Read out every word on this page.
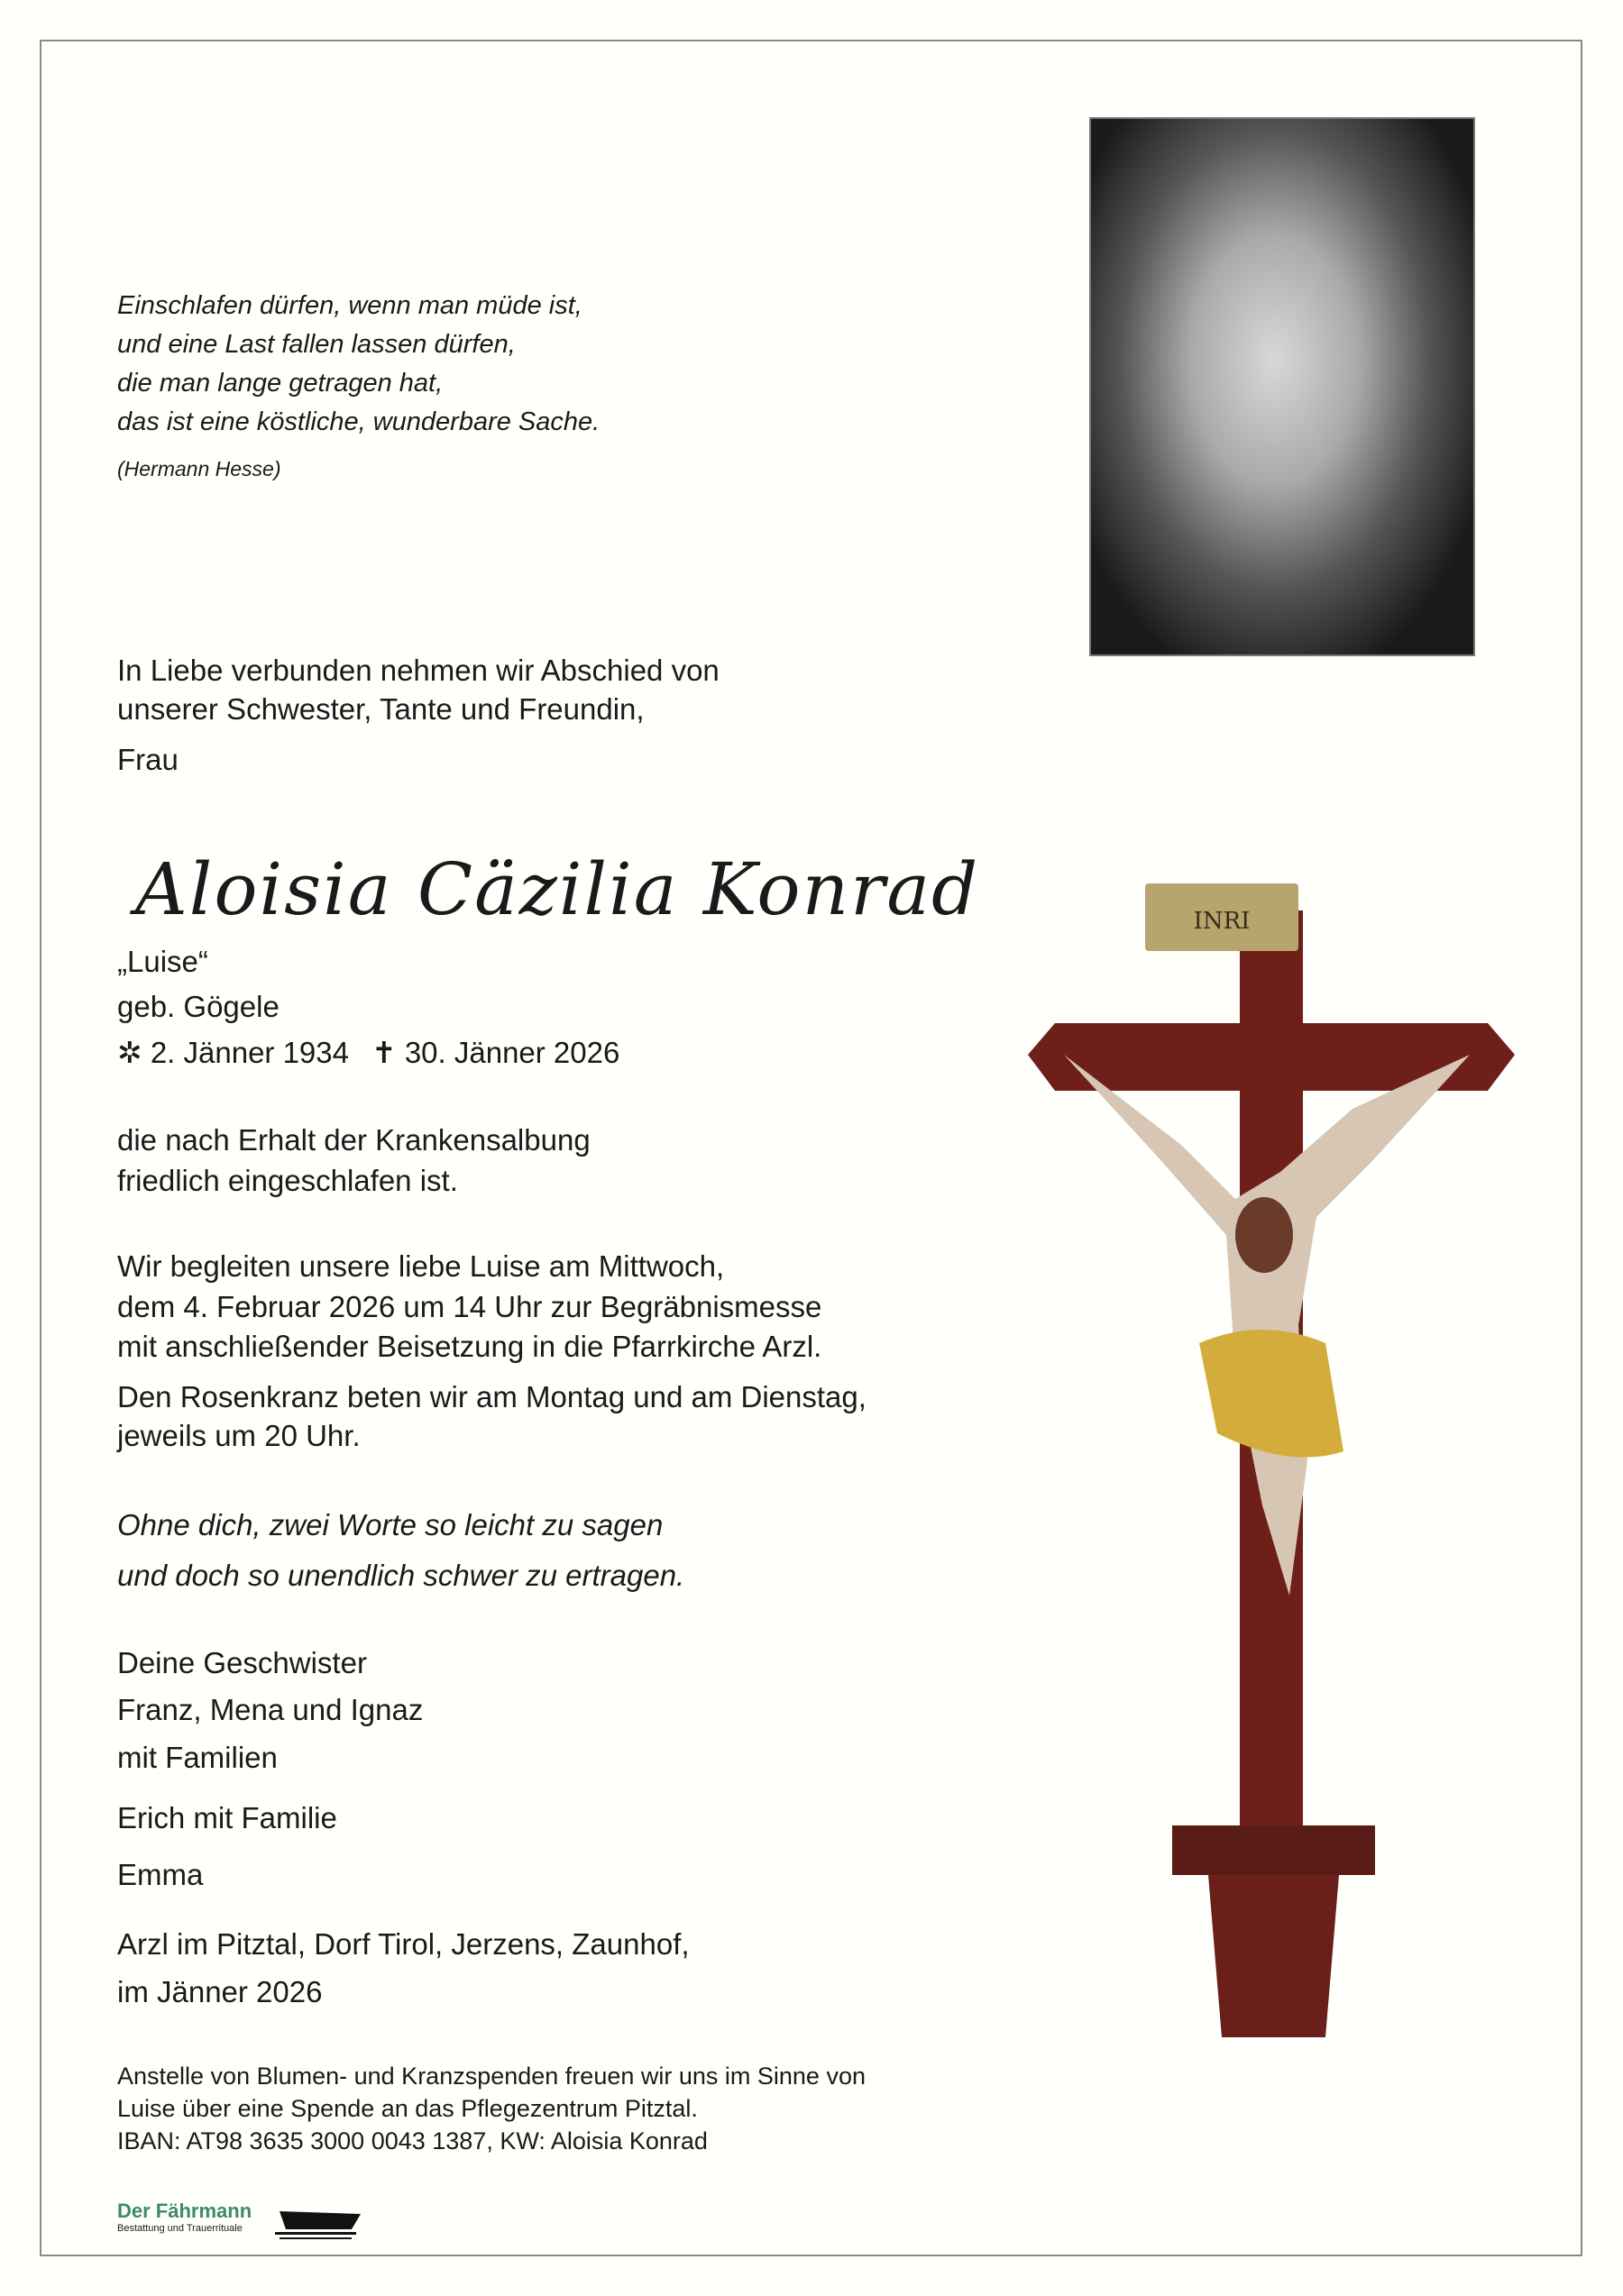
Einschlafen dürfen, wenn man müde ist,
und eine Last fallen lassen dürfen,
die man lange getragen hat,
das ist eine köstliche, wunderbare Sache.
(Hermann Hesse)
In Liebe verbunden nehmen wir Abschied von
unserer Schwester, Tante und Freundin,
Frau
Aloisia Cäzilia Konrad
„Luise“
geb. Gögele
✲ 2. Jänner 1934 ✝ 30. Jänner 2026
die nach Erhalt der Krankensalbung
friedlich eingeschlafen ist.
Wir begleiten unsere liebe Luise am Mittwoch,
dem 4. Februar 2026 um 14 Uhr zur Begräbnismesse
mit anschließender Beisetzung in die Pfarrkirche Arzl.
Den Rosenkranz beten wir am Montag und am Dienstag,
jeweils um 20 Uhr.
Ohne dich, zwei Worte so leicht zu sagen
und doch so unendlich schwer zu ertragen.
Deine Geschwister
Franz, Mena und Ignaz
mit Familien
Erich mit Familie
Emma
Arzl im Pitztal, Dorf Tirol, Jerzens, Zaunhof,
im Jänner 2026
Anstelle von Blumen- und Kranzspenden freuen wir uns im Sinne von
Luise über eine Spende an das Pflegezentrum Pitztal.
IBAN: AT98 3635 3000 0043 1387, KW: Aloisia Konrad
INRI
Der Fährmann
Bestattung und Trauerrituale
